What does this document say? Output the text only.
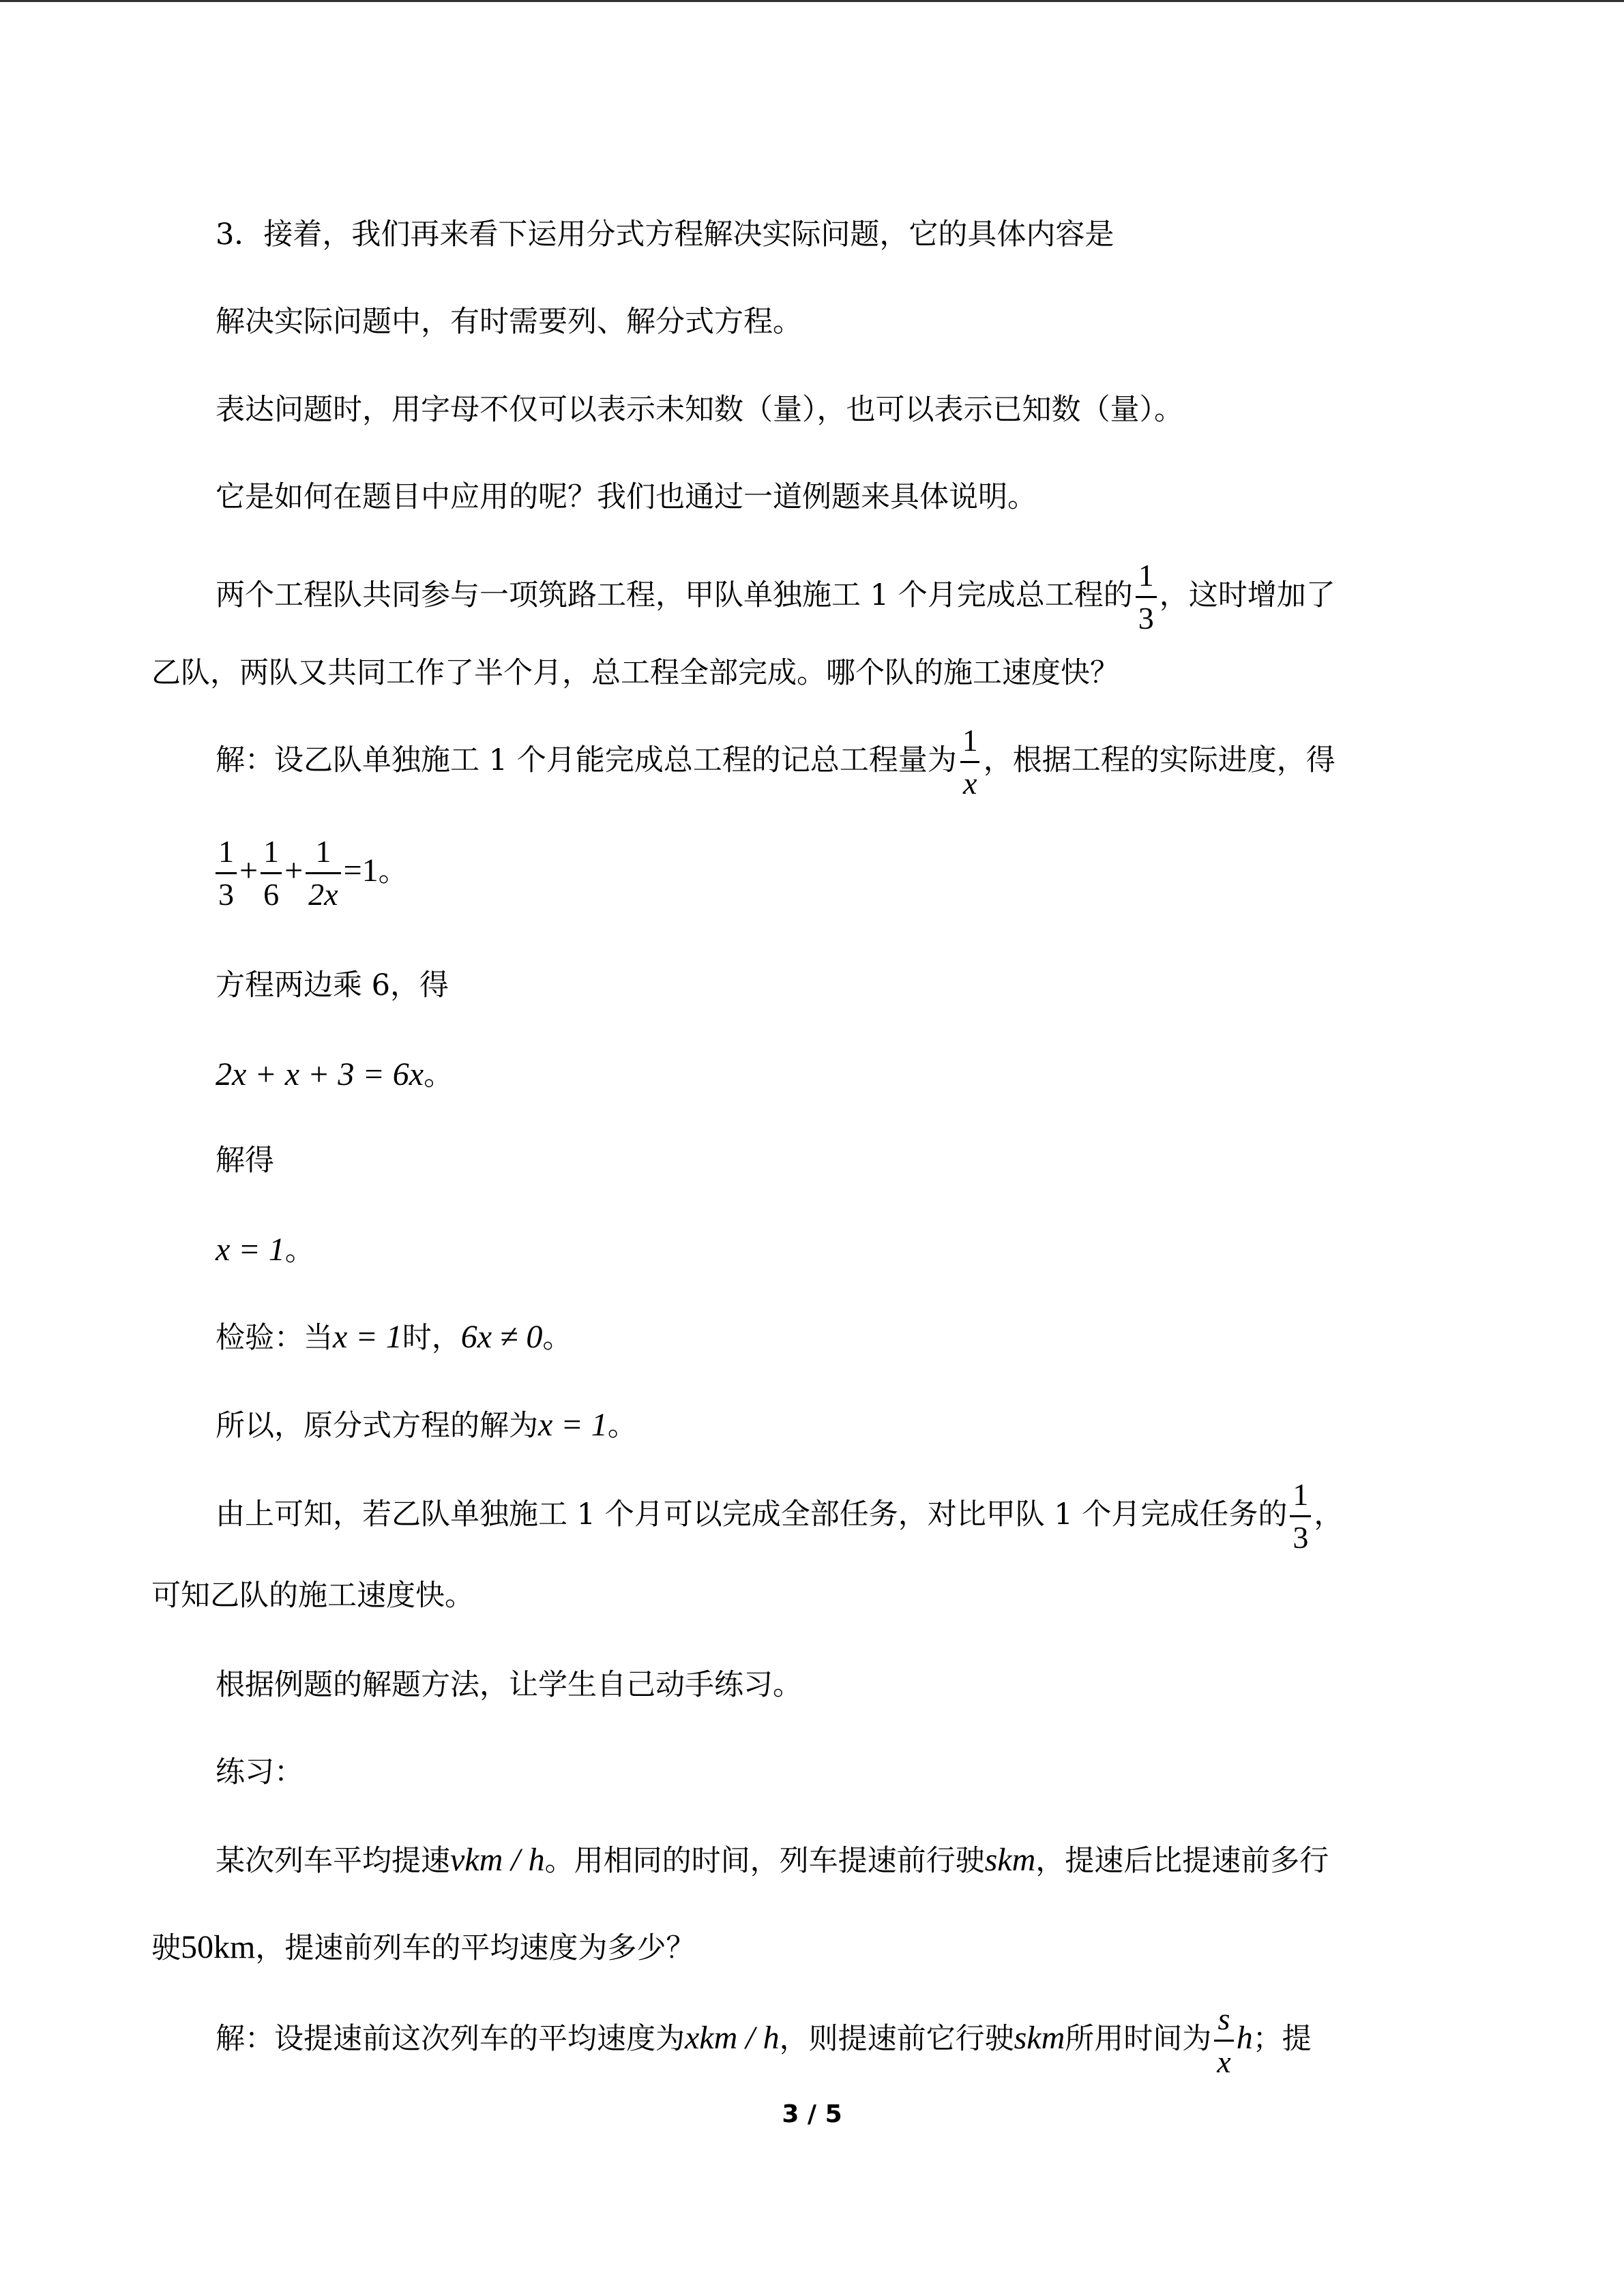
3．接着，我们再来看下运用分式方程解决实际问题，它的具体内容是
解决实际问题中，有时需要列、解分式方程。
表达问题时，用字母不仅可以表示未知数（量），也可以表示已知数（量）。
它是如何在题目中应用的呢？我们也通过一道例题来具体说明。
两个工程队共同参与一项筑路工程，甲队单独施工 1 个月完成总工程的 $\frac{1}{3}$ ，这时增加了
乙队，两队又共同工作了半个月，总工程全部完成。哪个队的施工速度快？
解：设乙队单独施工 1 个月能完成总工程的记总工程量为 $\frac{1}{x}$ ，根据工程的实际进度，得
$\frac{1}{3} + \frac{1}{6} + \frac{1}{2x} =1$。
方程两边乘 6，得
2x + x + 3 = 6x。
解得
x = 1。
检验：当x = 1时，6x ≠ 0。
所以，原分式方程的解为x = 1。
由上可知，若乙队单独施工 1 个月可以完成全部任务，对比甲队 1 个月完成任务的 $\frac{1}{3}$ ，
可知乙队的施工速度快。
根据例题的解题方法，让学生自己动手练习。
练习：
某次列车平均提速vkm / h。用相同的时间，列车提速前行驶skm，提速后比提速前多行
驶50km，提速前列车的平均速度为多少？
解：设提速前这次列车的平均速度为xkm / h，则提速前它行驶skm所用时间为 $\frac{s}{x}$ h；提
3 / 5
